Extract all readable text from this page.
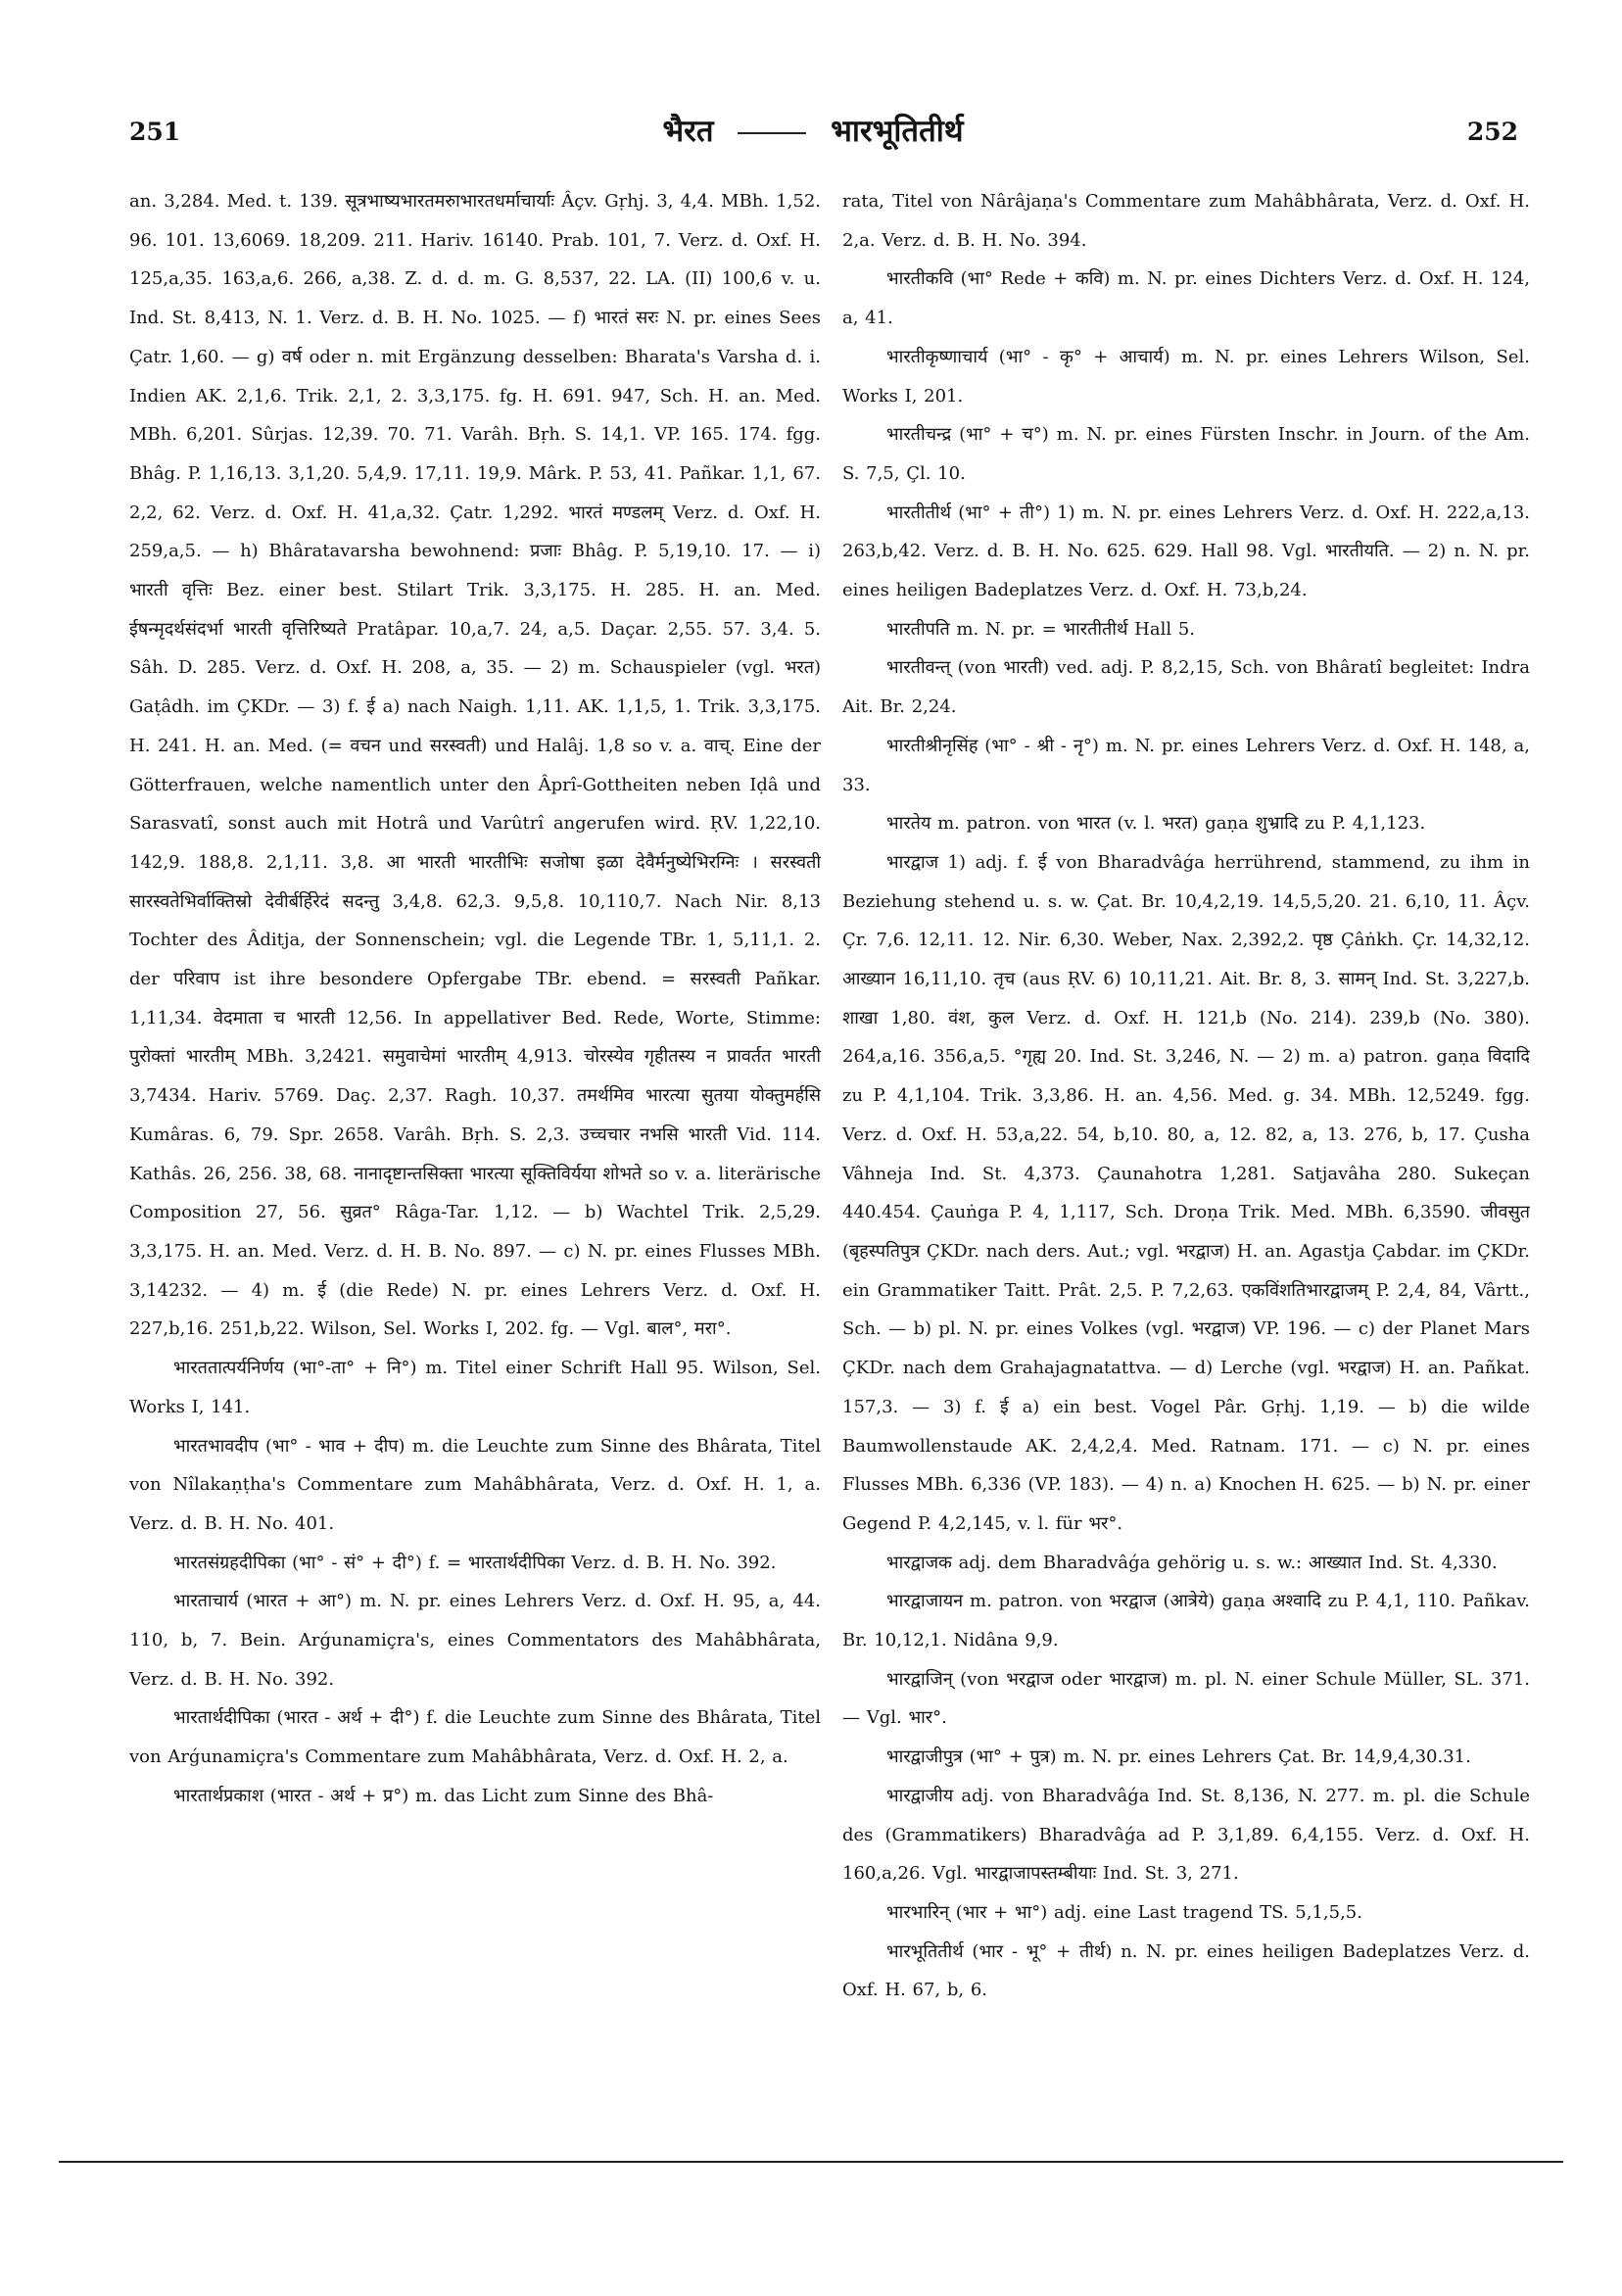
251	भैरत	भारभूतितीर्थ	252

an. 3,284. Med. t. 139. सूत्रभाष्यभारतमरुाभारतधर्माचार्याः Âçv. Gṛhj. 3, 4,4. MBh. 1,52. 96. 101. 13,6069. 18,209. 211. Hariv. 16140. Prab. 101, 7. Verz. d. Oxf. H. 125,a,35. 163,a,6. 266, a,38. Z. d. d. m. G. 8,537, 22. LA. (II) 100,6 v. u. Ind. St. 8,413, N. 1. Verz. d. B. H. No. 1025. — f) भारतं सरः N. pr. eines Sees Çatr. 1,60. — g) वर्ष oder n. mit Ergänzung desselben: Bharata's Varsha d. i. Indien AK. 2,1,6. Trik. 2,1, 2. 3,3,175. fg. H. 691. 947, Sch. H. an. Med. MBh. 6,201. Sûrjas. 12,39. 70. 71. Varâh. Bṛh. S. 14,1. VP. 165. 174. fgg. Bhâg. P. 1,16,13. 3,1,20. 5,4,9. 17,11. 19,9. Mârk. P. 53, 41. Pañkar. 1,1, 67. 2,2, 62. Verz. d. Oxf. H. 41,a,32. Çatr. 1,292. भारतं मण्डलम् Verz. d. Oxf. H. 259,a,5. — h) Bhâratavarsha bewohnend: प्रजाः Bhâg. P. 5,19,10. 17. — i) भारती वृत्तिः Bez. einer best. Stilart Trik. 3,3,175. H. 285. H. an. Med. ईषन्मृदर्थसंदर्भा भारती वृत्तिरिष्यते Pratâpar. 10,a,7. 24, a,5. Daçar. 2,55. 57. 3,4. 5. Sâh. D. 285. Verz. d. Oxf. H. 208, a, 35. — 2) m. Schauspieler (vgl. भरत) Gaṭâdh. im ÇKDr. — 3) f. ई a) nach Naigh. 1,11. AK. 1,1,5, 1. Trik. 3,3,175. H. 241. H. an. Med. (= वचन und सरस्वती) und Halâj. 1,8 so v. a. वाच्. Eine der Götterfrauen, welche namentlich unter den Âprî-Gottheiten neben Iḍâ und Sarasvatî, sonst auch mit Hotrâ und Varûtrî angerufen wird. ṚV. 1,22,10. 142,9. 188,8. 2,1,11. 3,8. आ भारती भारतीभिः सजोषा इळा देवैर्मनुष्येभिरग्निः । सरस्वती सारस्वतेभिर्वाक्तिस्रो देवीर्बर्हिरेदं सदन्तु 3,4,8. 62,3. 9,5,8. 10,110,7. Nach Nir. 8,13 Tochter des Âditja, der Sonnenschein; vgl. die Legende TBr. 1, 5,11,1. 2. der परिवाप ist ihre besondere Opfergabe TBr. ebend. = सरस्वती Pañkar. 1,11,34. वेदमाता च भारती 12,56. In appellativer Bed. Rede, Worte, Stimme: पुरोक्तां भारतीम् MBh. 3,2421. समुवाचेमां भारतीम् 4,913. चोरस्येव गृहीतस्य न प्रावर्तत भारती 3,7434. Hariv. 5769. Daç. 2,37. Ragh. 10,37. तमर्थमिव भारत्या सुतया योक्तुमर्हसि Kumâras. 6, 79. Spr. 2658. Varâh. Bṛh. S. 2,3. उच्चचार नभसि भारती Vid. 114. Kathâs. 26, 256. 38, 68. नानादृष्टान्तसिक्ता भारत्या सूक्तिविर्यया शोभते so v. a. literärische Composition 27, 56. सुव्रत° Râga-Tar. 1,12. — b) Wachtel Trik. 2,5,29. 3,3,175. H. an. Med. Verz. d. H. B. No. 897. — c) N. pr. eines Flusses MBh. 3,14232. — 4) m. ई (die Rede) N. pr. eines Lehrers Verz. d. Oxf. H. 227,b,16. 251,b,22. Wilson, Sel. Works I, 202. fg. — Vgl. बाल°, मरा°.

भारततात्पर्यनिर्णय (भा°-ता° + नि°) m. Titel einer Schrift Hall 95. Wilson, Sel. Works I, 141.

भारतभावदीप (भा° - भाव + दीप) m. die Leuchte zum Sinne des Bhârata, Titel von Nîlakaṇṭha's Commentare zum Mahâbhârata, Verz. d. Oxf. H. 1, a. Verz. d. B. H. No. 401.

भारतसंग्रहदीपिका (भा° - सं° + दी°) f. = भारतार्थदीपिका Verz. d. B. H. No. 392.

भारताचार्य (भारत + आ°) m. N. pr. eines Lehrers Verz. d. Oxf. H. 95, a, 44. 110, b, 7. Bein. Arǵunamiçra's, eines Commentators des Mahâbhârata, Verz. d. B. H. No. 392.

भारतार्थदीपिका (भारत - अर्थ + दी°) f. die Leuchte zum Sinne des Bhârata, Titel von Arǵunamiçra's Commentare zum Mahâbhârata, Verz. d. Oxf. H. 2, a.

भारतार्थप्रकाश (भारत - अर्थ + प्र°) m. das Licht zum Sinne des Bhâ-

rata, Titel von Nârâjaṇa's Commentare zum Mahâbhârata, Verz. d. Oxf. H. 2,a. Verz. d. B. H. No. 394.

भारतीकवि (भा° Rede + कवि) m. N. pr. eines Dichters Verz. d. Oxf. H. 124, a, 41.

भारतीकृष्णाचार्य (भा° - कृ° + आचार्य) m. N. pr. eines Lehrers Wilson, Sel. Works I, 201.

भारतीचन्द्र (भा° + च°) m. N. pr. eines Fürsten Inschr. in Journ. of the Am. S. 7,5, Çl. 10.

भारतीतीर्थ (भा° + ती°) 1) m. N. pr. eines Lehrers Verz. d. Oxf. H. 222,a,13. 263,b,42. Verz. d. B. H. No. 625. 629. Hall 98. Vgl. भारतीयति. — 2) n. N. pr. eines heiligen Badeplatzes Verz. d. Oxf. H. 73,b,24.

भारतीपति m. N. pr. = भारतीतीर्थ Hall 5.

भारतीवन्त् (von भारती) ved. adj. P. 8,2,15, Sch. von Bhâratî begleitet: Indra Ait. Br. 2,24.

भारतीश्रीनृसिंह (भा° - श्री - नृ°) m. N. pr. eines Lehrers Verz. d. Oxf. H. 148, a, 33.

भारतेय m. patron. von भारत (v. l. भरत) gaṇa शुभ्रादि zu P. 4,1,123.

भारद्वाज 1) adj. f. ई von Bharadvâǵa herrührend, stammend, zu ihm in Beziehung stehend u. s. w. Çat. Br. 10,4,2,19. 14,5,5,20. 21. 6,10, 11. Âçv. Çr. 7,6. 12,11. 12. Nir. 6,30. Weber, Nax. 2,392,2. पृष्ठ Çâṅkh. Çr. 14,32,12. आख्यान 16,11,10. तृच (aus ṚV. 6) 10,11,21. Ait. Br. 8, 3. सामन् Ind. St. 3,227,b. शाखा 1,80. वंश, कुल Verz. d. Oxf. H. 121,b (No. 214). 239,b (No. 380). 264,a,16. 356,a,5. °गृह्य 20. Ind. St. 3,246, N. — 2) m. a) patron. gaṇa विदादि zu P. 4,1,104. Trik. 3,3,86. H. an. 4,56. Med. g. 34. MBh. 12,5249. fgg. Verz. d. Oxf. H. 53,a,22. 54, b,10. 80, a, 12. 82, a, 13. 276, b, 17. Çusha Vâhneja Ind. St. 4,373. Çaunahotra 1,281. Satjavâha 280. Sukeçan 440.454. Çauṅga P. 4, 1,117, Sch. Droṇa Trik. Med. MBh. 6,3590. जीवसुत (बृहस्पतिपुत्र ÇKDr. nach ders. Aut.; vgl. भरद्वाज) H. an. Agastja Çabdar. im ÇKDr. ein Grammatiker Taitt. Prât. 2,5. P. 7,2,63. एकविंशतिभारद्वाजम् P. 2,4, 84, Vârtt., Sch. — b) pl. N. pr. eines Volkes (vgl. भरद्वाज) VP. 196. — c) der Planet Mars ÇKDr. nach dem Grahajagnatattva. — d) Lerche (vgl. भरद्वाज) H. an. Pañkat. 157,3. — 3) f. ई a) ein best. Vogel Pâr. Gṛhj. 1,19. — b) die wilde Baumwollenstaude AK. 2,4,2,4. Med. Ratnam. 171. — c) N. pr. eines Flusses MBh. 6,336 (VP. 183). — 4) n. a) Knochen H. 625. — b) N. pr. einer Gegend P. 4,2,145, v. l. für भर°.

भारद्वाजक adj. dem Bharadvâǵa gehörig u. s. w.: आख्यात Ind. St. 4,330.

भारद्वाजायन m. patron. von भरद्वाज (आत्रेये) gaṇa अश्वादि zu P. 4,1, 110. Pañkav. Br. 10,12,1. Nidâna 9,9.

भारद्वाजिन् (von भरद्वाज oder भारद्वाज) m. pl. N. einer Schule Müller, SL. 371. — Vgl. भार°.

भारद्वाजीपुत्र (भा° + पुत्र) m. N. pr. eines Lehrers Çat. Br. 14,9,4,30.31.

भारद्वाजीय adj. von Bharadvâǵa Ind. St. 8,136, N. 277. m. pl. die Schule des (Grammatikers) Bharadvâǵa ad P. 3,1,89. 6,4,155. Verz. d. Oxf. H. 160,a,26. Vgl. भारद्वाजापस्तम्बीयाः Ind. St. 3, 271.

भारभारिन् (भार + भा°) adj. eine Last tragend TS. 5,1,5,5.

भारभूतितीर्थ (भार - भू° + तीर्थ) n. N. pr. eines heiligen Badeplatzes Verz. d. Oxf. H. 67, b, 6.
